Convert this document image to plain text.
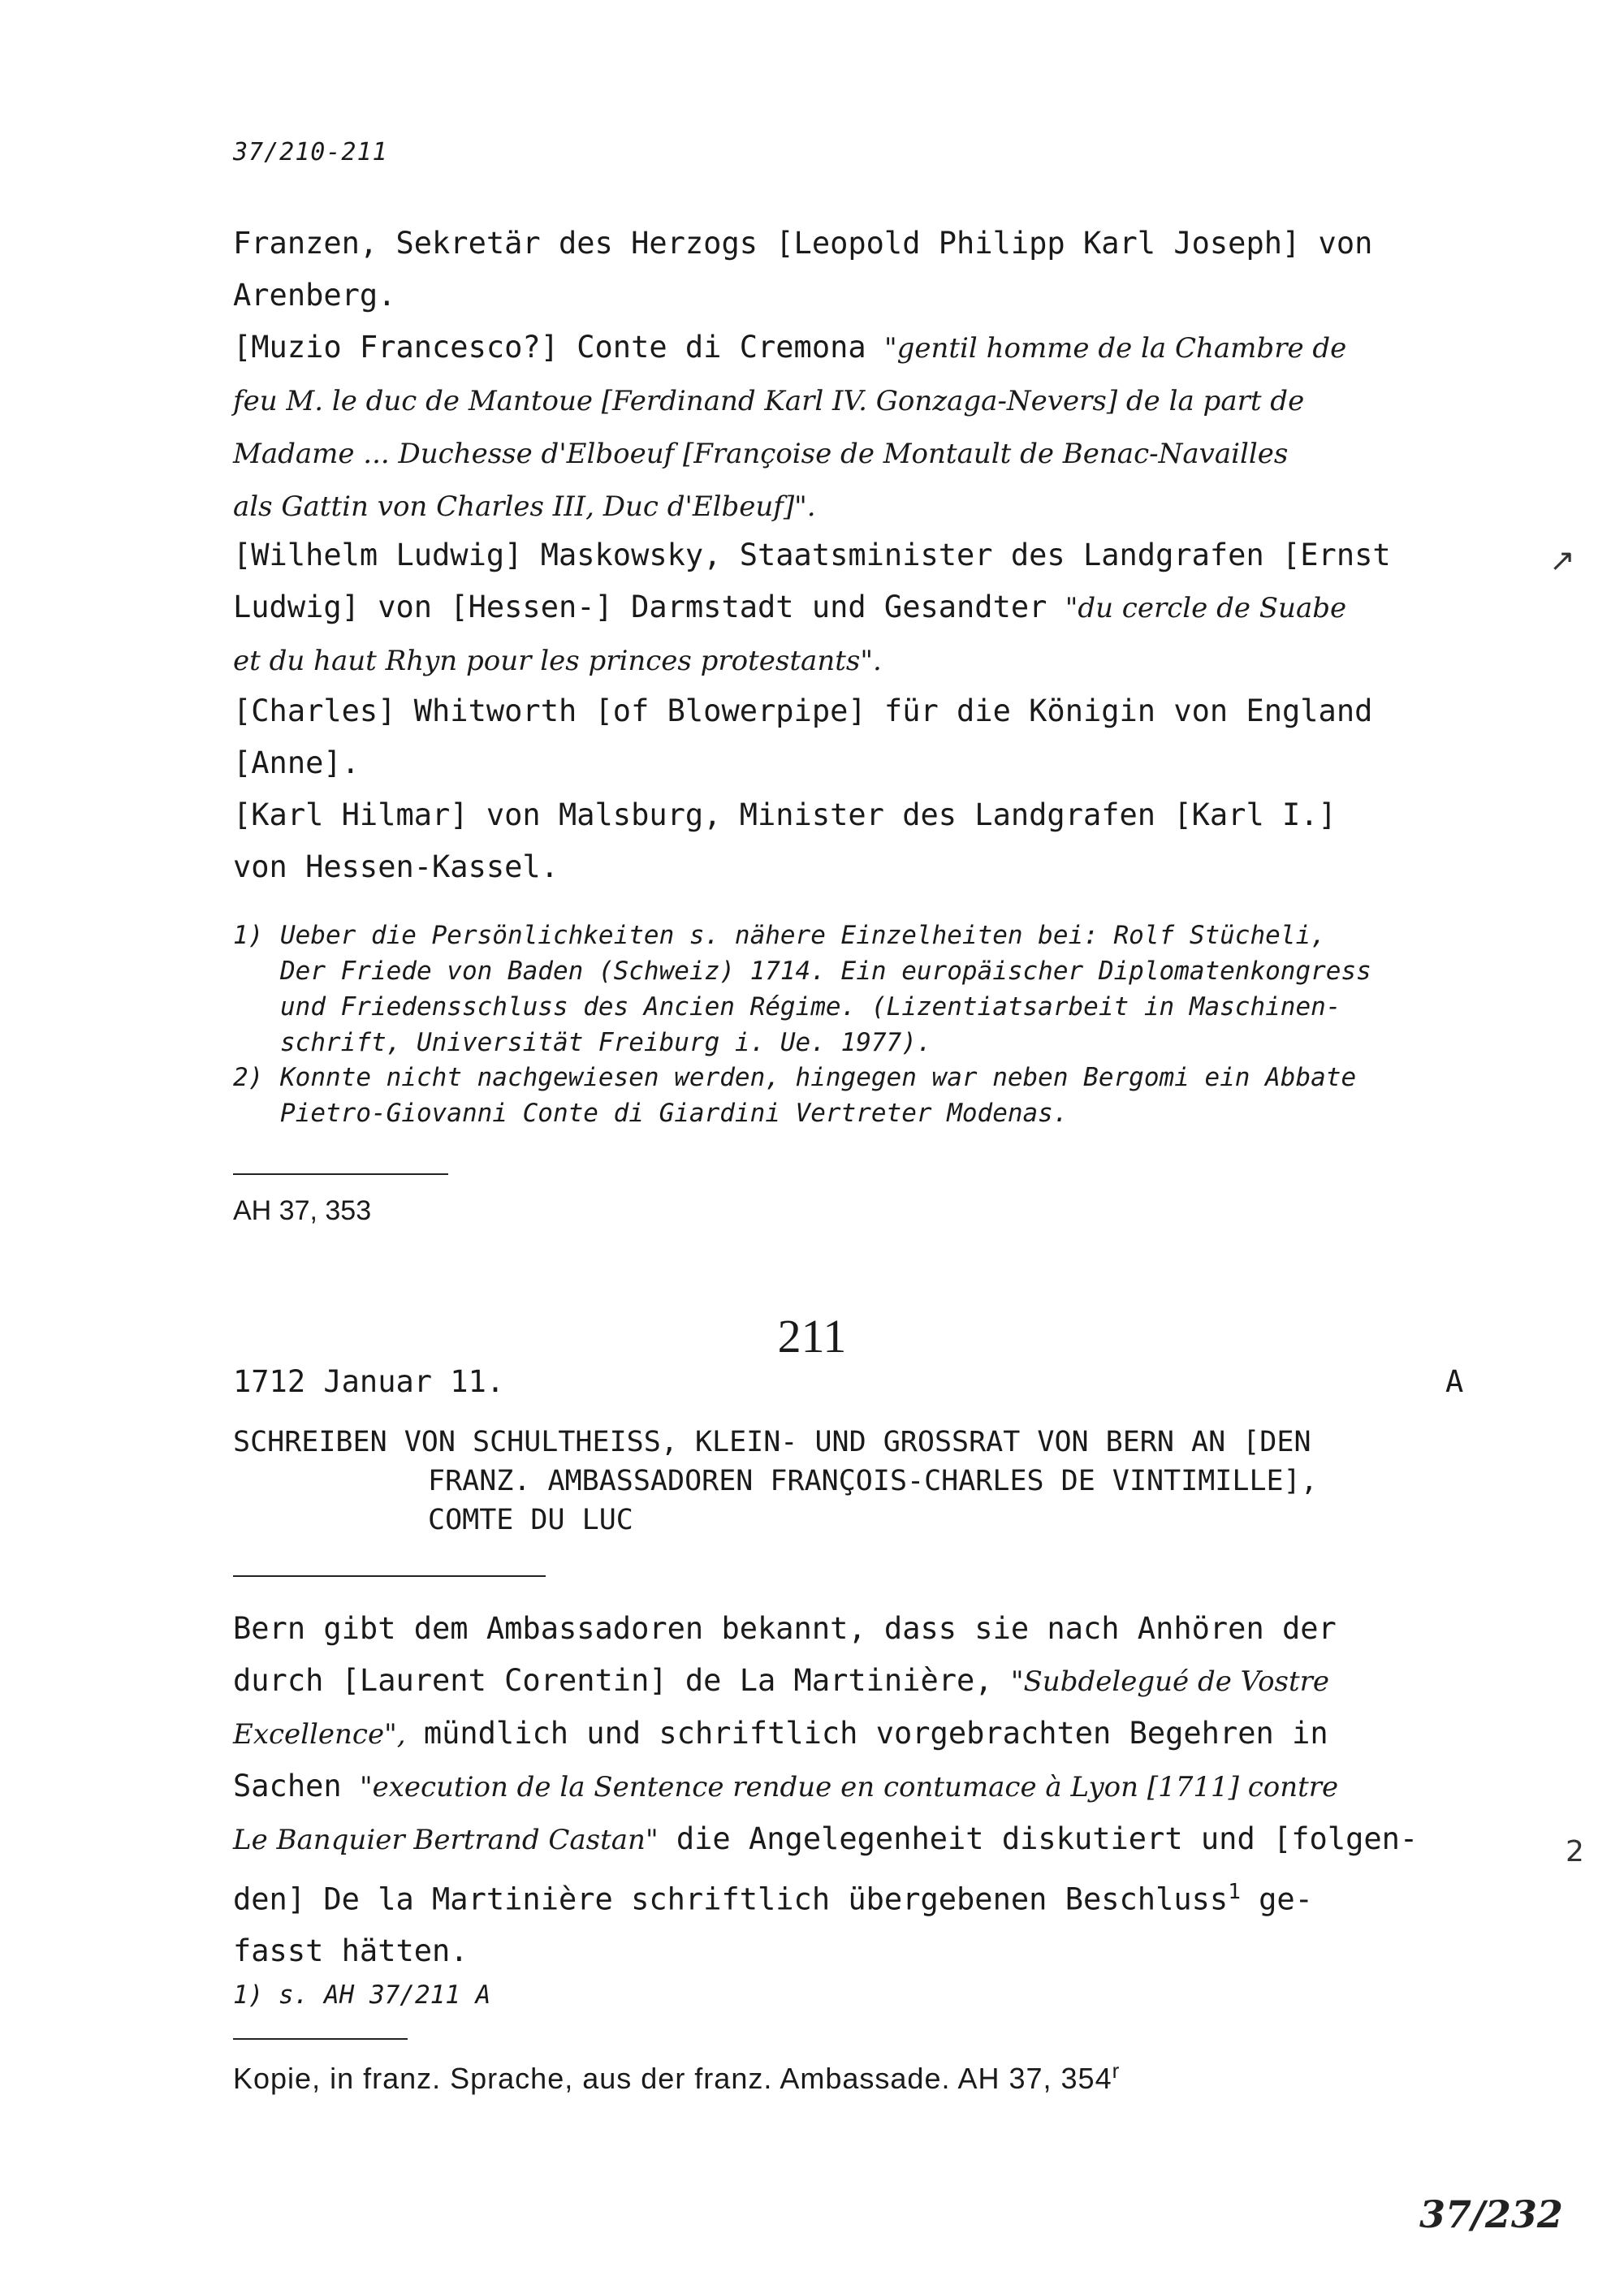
37/210-211

Franzen, Sekretär des Herzogs [Leopold Philipp Karl Joseph] von
Arenberg.

[Muzio Francesco?] Conte di Cremona "gentil homme de la Chambre de
feu M. le duc de Mantoue [Ferdinand Karl IV. Gonzaga-Nevers] de la part de
Madame ... Duchesse d'Elboeuf [Françoise de Montault de Benac-Navailles
als Gattin von Charles III, Duc d'Elbeuf]".

[Wilhelm Ludwig] Maskowsky, Staatsminister des Landgrafen [Ernst
Ludwig] von [Hessen-] Darmstadt und Gesandter "du cercle de Suabe
et du haut Rhyn pour les princes protestants".

[Charles] Whitworth [of Blowerpipe] für die Königin von England
[Anne].

[Karl Hilmar] von Malsburg, Minister des Landgrafen [Karl I.]
von Hessen-Kassel.

1) Ueber die Persönlichkeiten s. nähere Einzelheiten bei: Rolf Stücheli,
Der Friede von Baden (Schweiz) 1714. Ein europäischer Diplomatenkongress
und Friedensschluss des Ancien Régime. (Lizentiatsarbeit in Maschinen-
schrift, Universität Freiburg i. Ue. 1977).
2) Konnte nicht nachgewiesen werden, hingegen war neben Bergomi ein Abbate
Pietro-Giovanni Conte di Giardini Vertreter Modenas.
AH 37, 353
211
1712 Januar 11.	A

SCHREIBEN VON SCHULTHEISS, KLEIN- UND GROSSRAT VON BERN AN [DEN
FRANZ. AMBASSADOREN FRANÇOIS-CHARLES DE VINTIMILLE],
COMTE DU LUC

Bern gibt dem Ambassadoren bekannt, dass sie nach Anhören der
durch [Laurent Corentin] de La Martinière, "Subdelegué de Vostre
Excellence", mündlich und schriftlich vorgebrachten Begehren in
Sachen "execution de la Sentence rendue en contumace à Lyon [1711] contre
Le Banquier Bertrand Castan" die Angelegenheit diskutiert und [folgen-
den] De la Martinière schriftlich übergebenen Beschluss$^1$ ge-
fasst hätten.

1) s. AH 37/211 A
Kopie, in franz. Sprache, aus der franz. Ambassade. AH 37, 354$^r$
↗
2
37/232
